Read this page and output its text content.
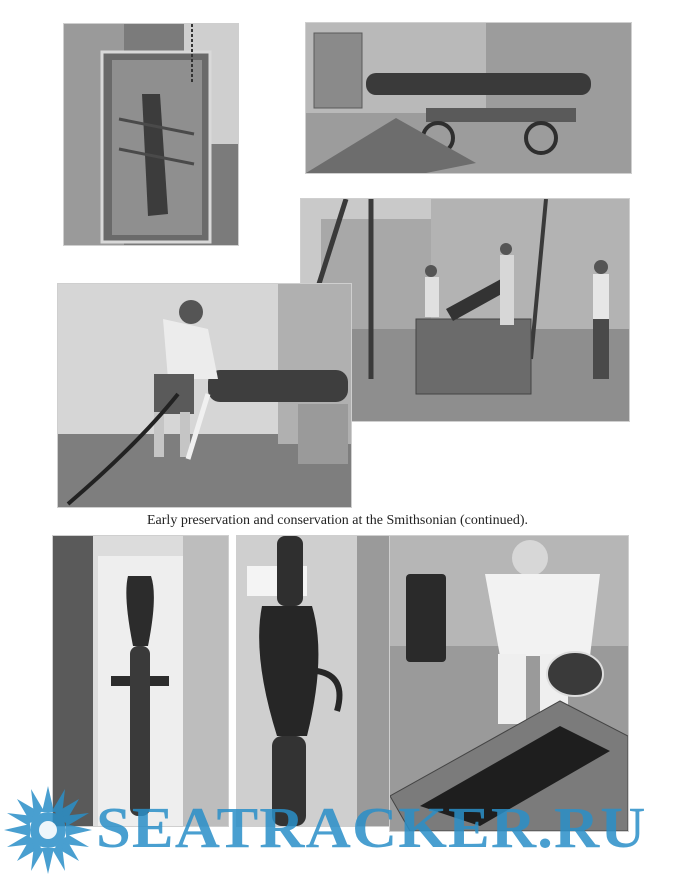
Early preservation and conservation at the Smithsonian (continued).
SEATRACKER.RU
